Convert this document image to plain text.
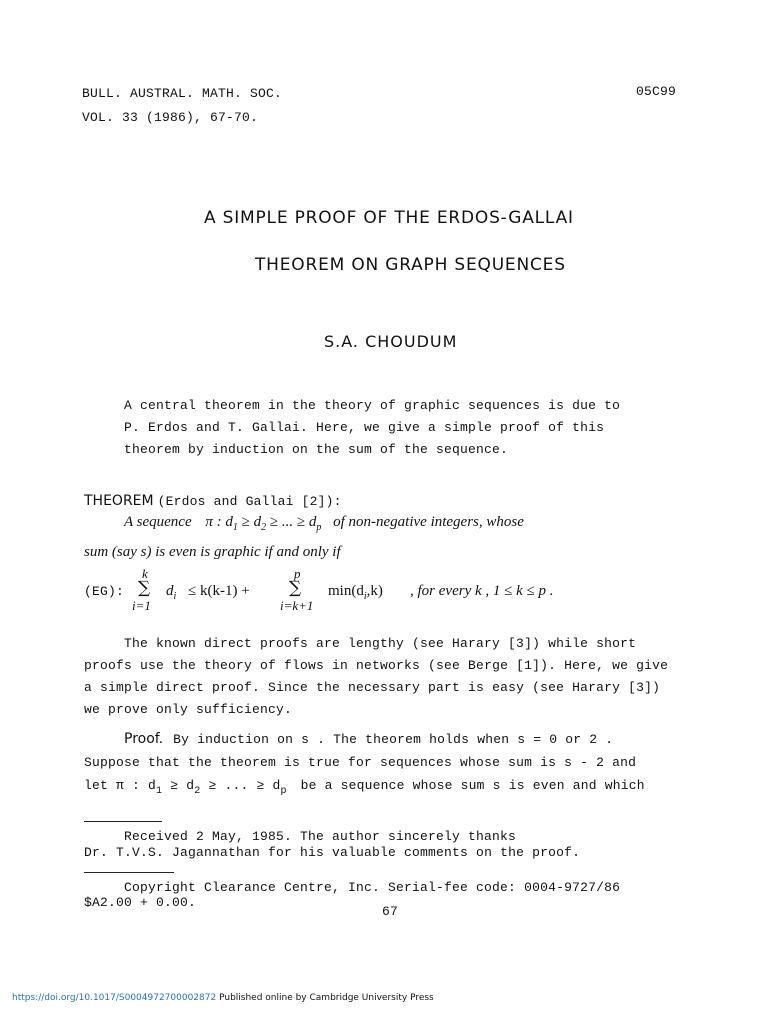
BULL. AUSTRAL. MATH. SOC.	05C99
VOL. 33 (1986), 67-70.
A SIMPLE PROOF OF THE ERDOS-GALLAI
THEOREM ON GRAPH SEQUENCES
S.A. CHOUDUM
A central theorem in the theory of graphic sequences is due to
P. Erdos and T. Gallai. Here, we give a simple proof of this
theorem by induction on the sum of the sequence.
THEOREM (Erdos and Gallai [2]):
A sequence π : $d_1 \ge d_2$ ≥ ... ≥ $d_p$ of non-negative integers, whose
sum (say s) is even is graphic if and only if
(EG):
k
∑
i=1
$d_i \le k(k-1)$ +
p
∑
i=k+1
$\min(d_i,k)$ , for every k , 1 ≤ k ≤ p .
The known direct proofs are lengthy (see Harary [3]) while short
proofs use the theory of flows in networks (see Berge [1]). Here, we give
a simple direct proof. Since the necessary part is easy (see Harary [3])
we prove only sufficiency.
Proof. By induction on s . The theorem holds when s = 0 or 2 .
Suppose that the theorem is true for sequences whose sum is s - 2 and
let π : $d_1 \ge d_2$ ≥ ... ≥ $d_p$ be a sequence whose sum s is even and which
Received 2 May, 1985. The author sincerely thanks
Dr. T.V.S. Jagannathan for his valuable comments on the proof.
Copyright Clearance Centre, Inc. Serial-fee code: 0004-9727/86
$A2.00 + 0.00.
67
https://doi.org/10.1017/S0004972700002872 Published online by Cambridge University Press
